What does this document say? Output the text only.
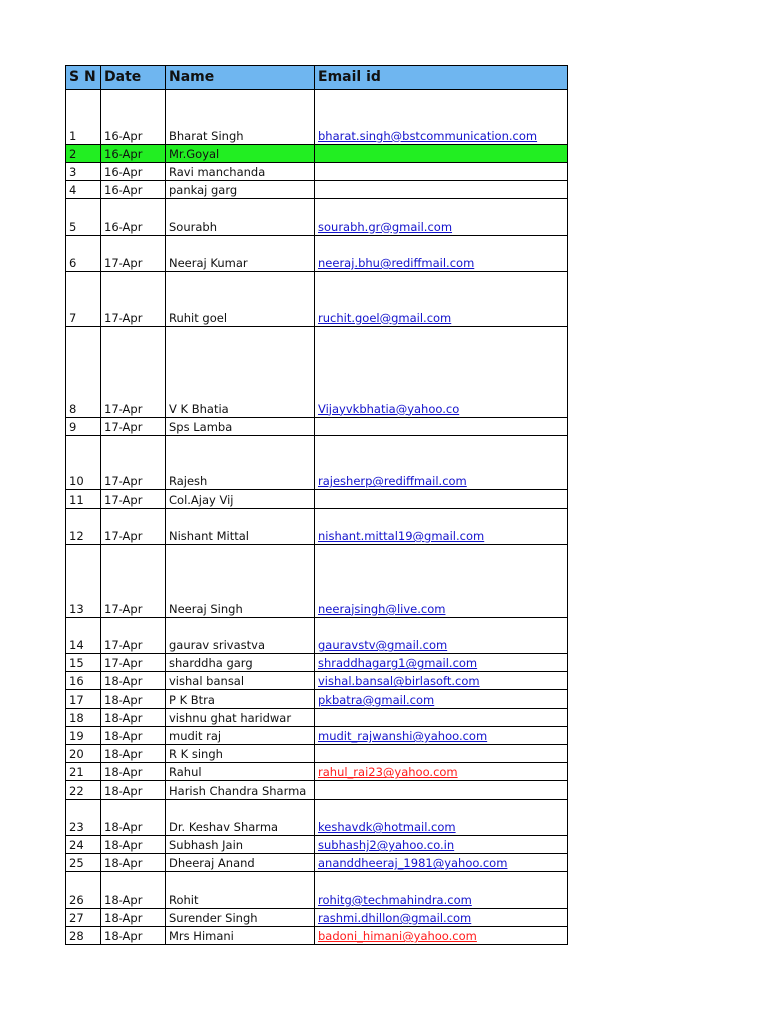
S N	Date	Name	Email id
1	16-Apr	Bharat Singh	bharat.singh@bstcommunication.com
2	16-Apr	Mr.Goyal	
3	16-Apr	Ravi manchanda	
4	16-Apr	pankaj garg	
5	16-Apr	Sourabh	sourabh.gr@gmail.com
6	17-Apr	Neeraj Kumar	neeraj.bhu@rediffmail.com
7	17-Apr	Ruhit goel	ruchit.goel@gmail.com
8	17-Apr	V K Bhatia	Vijayvkbhatia@yahoo.co
9	17-Apr	Sps Lamba	
10	17-Apr	Rajesh	rajesherp@rediffmail.com
11	17-Apr	Col.Ajay Vij	
12	17-Apr	Nishant Mittal	nishant.mittal19@gmail.com
13	17-Apr	Neeraj Singh	neerajsingh@live.com
14	17-Apr	gaurav srivastva	gauravstv@gmail.com
15	17-Apr	sharddha garg	shraddhagarg1@gmail.com
16	18-Apr	vishal bansal	vishal.bansal@birlasoft.com
17	18-Apr	P K Btra	pkbatra@gmail.com
18	18-Apr	vishnu ghat haridwar	
19	18-Apr	mudit raj	mudit_rajwanshi@yahoo.com
20	18-Apr	R K singh	
21	18-Apr	Rahul	rahul_rai23@yahoo.com
22	18-Apr	Harish Chandra Sharma	
23	18-Apr	Dr. Keshav Sharma	keshavdk@hotmail.com
24	18-Apr	Subhash Jain	subhashj2@yahoo.co.in
25	18-Apr	Dheeraj Anand	ananddheeraj_1981@yahoo.com
26	18-Apr	Rohit	rohitg@techmahindra.com
27	18-Apr	Surender Singh	rashmi.dhillon@gmail.com
28	18-Apr	Mrs Himani	badoni_himani@yahoo.com
